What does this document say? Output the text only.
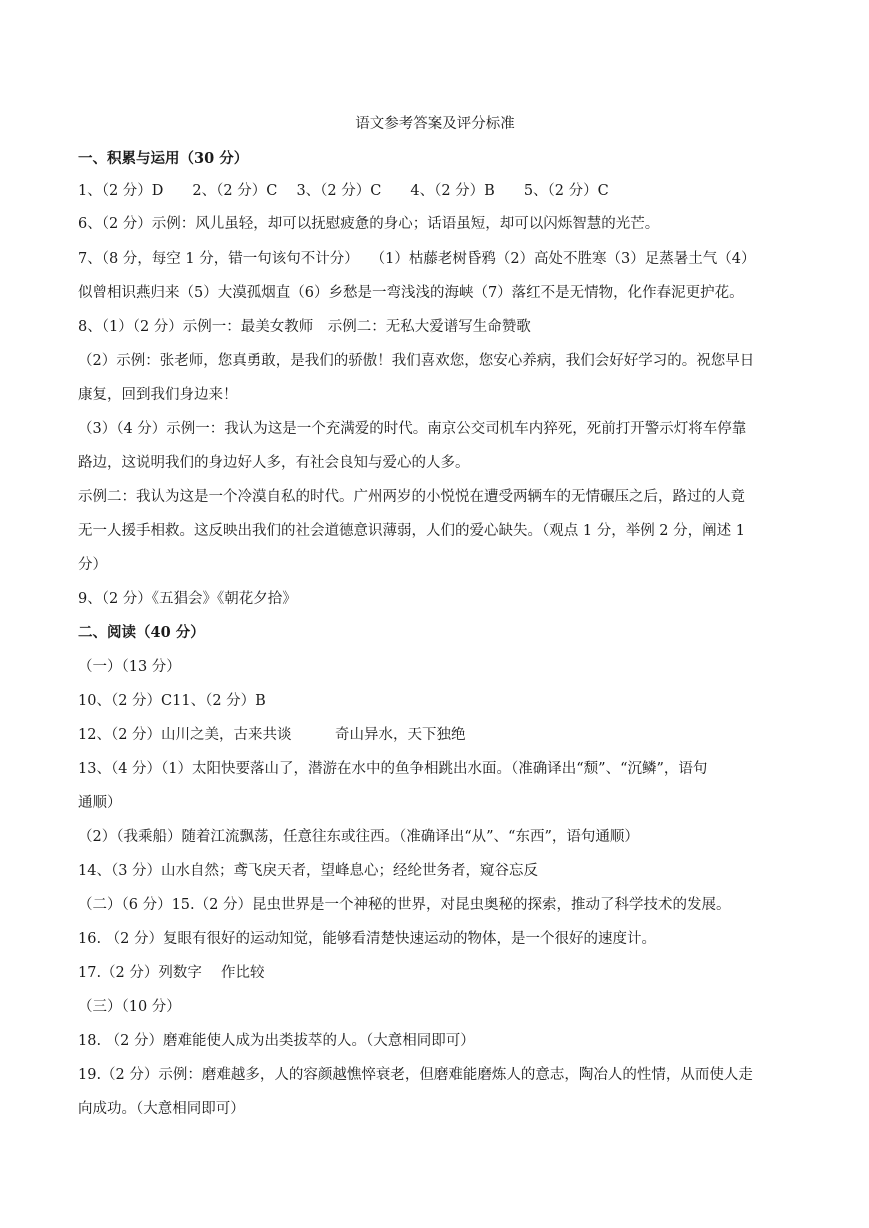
语文参考答案及评分标准
一、积累与运用（30 分）
1、（2 分）D　　2、（2 分）C　 3、（2 分）C　　4、（2 分）B　　5、（2 分）C
6、（2 分）示例：风儿虽轻，却可以抚慰疲惫的身心；话语虽短，却可以闪烁智慧的光芒。
7、（8 分，每空 1 分，错一句该句不计分）　 （1）枯藤老树昏鸦（2）高处不胜寒（3）足蒸暑土气（4）
似曾相识燕归来（5）大漠孤烟直（6）乡愁是一弯浅浅的海峡（7）落红不是无情物，化作春泥更护花。
8、（1）（2 分）示例一：最美女教师　示例二：无私大爱谱写生命赞歌
（2）示例：张老师，您真勇敢，是我们的骄傲！我们喜欢您，您安心养病，我们会好好学习的。祝您早日
康复，回到我们身边来！
（3）（4 分）示例一：我认为这是一个充满爱的时代。南京公交司机车内猝死，死前打开警示灯将车停靠
路边，这说明我们的身边好人多，有社会良知与爱心的人多。
示例二：我认为这是一个冷漠自私的时代。广州两岁的小悦悦在遭受两辆车的无情碾压之后，路过的人竟
无一人援手相救。这反映出我们的社会道德意识薄弱，人们的爱心缺失。（观点 1 分，举例 2 分，阐述 1
分）
9、（2 分）《五猖会》《朝花夕拾》
二、阅读（40 分）
（一）（13 分）
10、（2 分）C11、（2 分）B
12、（2 分）山川之美，古来共谈　　　奇山异水，天下独绝
13、（4 分）（1）太阳快要落山了，潜游在水中的鱼争相跳出水面。（准确译出“颓”、“沉鳞”，语句
通顺）
（2）（我乘船）随着江流飘荡，任意往东或往西。（准确译出“从”、“东西”，语句通顺）
14、（3 分）山水自然；鸢飞戾天者，望峰息心；经纶世务者，窥谷忘反
（二）（6 分）15.（2 分）昆虫世界是一个神秘的世界，对昆虫奥秘的探索，推动了科学技术的发展。
16. （2 分）复眼有很好的运动知觉，能够看清楚快速运动的物体，是一个很好的速度计。
17.（2 分）列数字　 作比较
（三）（10 分）
18. （2 分）磨难能使人成为出类拔萃的人。（大意相同即可）
19.（2 分）示例：磨难越多，人的容颜越憔悴衰老，但磨难能磨炼人的意志，陶冶人的性情，从而使人走
向成功。（大意相同即可）
